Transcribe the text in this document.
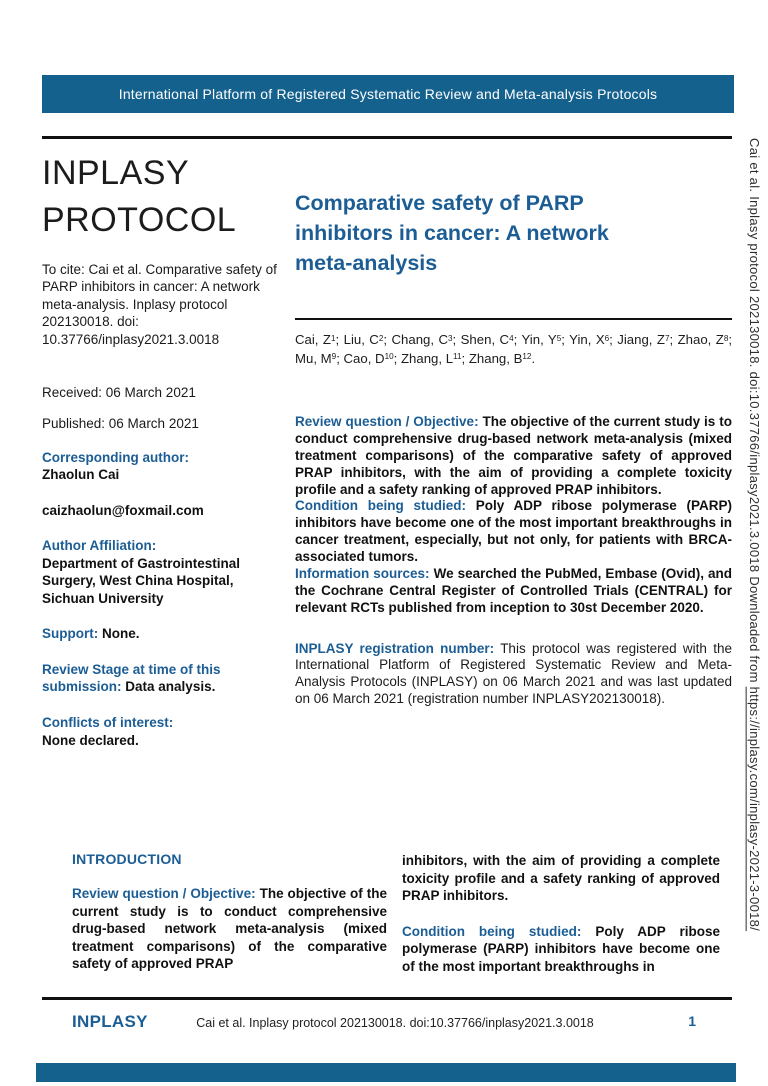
International Platform of Registered Systematic Review and Meta-analysis Protocols
INPLASY
PROTOCOL
To cite: Cai et al. Comparative safety of PARP inhibitors in cancer: A network meta-analysis. Inplasy protocol 202130018. doi: 10.37766/inplasy2021.3.0018
Received: 06 March 2021
Published: 06 March 2021
Corresponding author:
Zhaolun Cai
caizhaolun@foxmail.com
Author Affiliation:
Department of Gastrointestinal Surgery, West China Hospital, Sichuan University
Support: None.
Review Stage at time of this submission: Data analysis.
Conflicts of interest:
None declared.
Comparative safety of PARP inhibitors in cancer: A network meta-analysis
Cai, $Z^1$; Liu, $C^2$; Chang, $C^3$; Shen, $C^4$; Yin, $Y^5$; Yin, $X^6$; Jiang, $Z^7$; Zhao, $Z^8$; Mu, $M^9$; Cao, $D^{10}$; Zhang, $L^{11}$; Zhang, $B^{12}$.

Review question / Objective: The objective of the current study is to conduct comprehensive drug-based network meta-analysis (mixed treatment comparisons) of the comparative safety of approved PRAP inhibitors, with the aim of providing a complete toxicity profile and a safety ranking of approved PRAP inhibitors.

Condition being studied: Poly ADP ribose polymerase (PARP) inhibitors have become one of the most important breakthroughs in cancer treatment, especially, but not only, for patients with BRCA-associated tumors.

Information sources: We searched the PubMed, Embase (Ovid), and the Cochrane Central Register of Controlled Trials (CENTRAL) for relevant RCTs published from inception to 30st December 2020.

INPLASY registration number: This protocol was registered with the International Platform of Registered Systematic Review and Meta-Analysis Protocols (INPLASY) on 06 March 2021 and was last updated on 06 March 2021 (registration number INPLASY202130018).

INTRODUCTION

Review question / Objective: The objective of the current study is to conduct comprehensive drug-based network meta-analysis (mixed treatment comparisons) of the comparative safety of approved PRAP

inhibitors, with the aim of providing a complete toxicity profile and a safety ranking of approved PRAP inhibitors.

Condition being studied: Poly ADP ribose polymerase (PARP) inhibitors have become one of the most important breakthroughs in

INPLASY	Cai et al. Inplasy protocol 202130018. doi:10.37766/inplasy2021.3.0018	1
Cai et al. Inplasy protocol 202130018. doi:10.37766/inplasy2021.3.0018 Downloaded from https://inplasy.com/inplasy-2021-3-0018/
